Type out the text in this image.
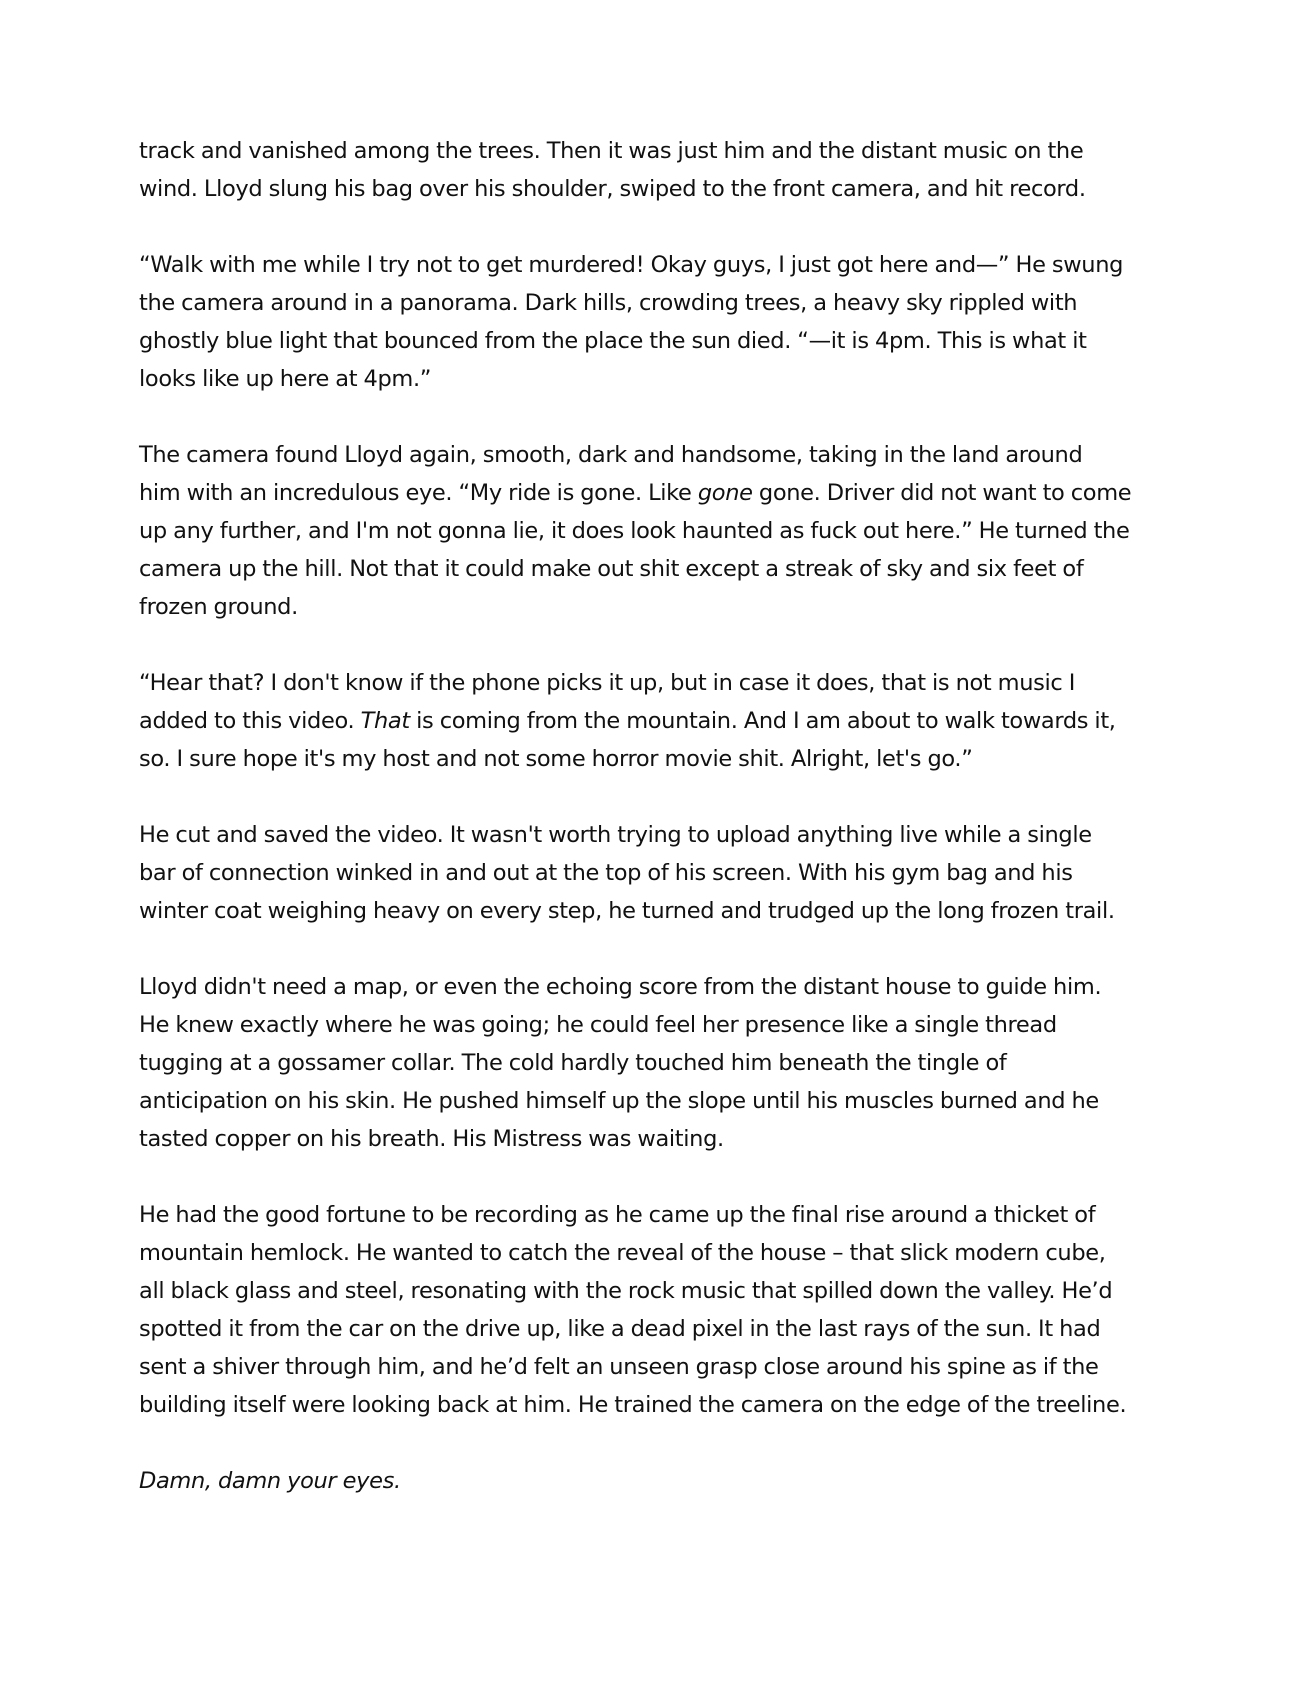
track and vanished among the trees. Then it was just him and the distant music on the
wind. Lloyd slung his bag over his shoulder, swiped to the front camera, and hit record.

“Walk with me while I try not to get murdered! Okay guys, I just got here and—” He swung
the camera around in a panorama. Dark hills, crowding trees, a heavy sky rippled with
ghostly blue light that bounced from the place the sun died. “—it is 4pm. This is what it
looks like up here at 4pm.”

The camera found Lloyd again, smooth, dark and handsome, taking in the land around
him with an incredulous eye. “My ride is gone. Like gone gone. Driver did not want to come
up any further, and I'm not gonna lie, it does look haunted as fuck out here.” He turned the
camera up the hill. Not that it could make out shit except a streak of sky and six feet of
frozen ground.

“Hear that? I don't know if the phone picks it up, but in case it does, that is not music I
added to this video. That is coming from the mountain. And I am about to walk towards it,
so. I sure hope it's my host and not some horror movie shit. Alright, let's go.”

He cut and saved the video. It wasn't worth trying to upload anything live while a single
bar of connection winked in and out at the top of his screen. With his gym bag and his
winter coat weighing heavy on every step, he turned and trudged up the long frozen trail.

Lloyd didn't need a map, or even the echoing score from the distant house to guide him.
He knew exactly where he was going; he could feel her presence like a single thread
tugging at a gossamer collar. The cold hardly touched him beneath the tingle of
anticipation on his skin. He pushed himself up the slope until his muscles burned and he
tasted copper on his breath. His Mistress was waiting.

He had the good fortune to be recording as he came up the final rise around a thicket of
mountain hemlock. He wanted to catch the reveal of the house – that slick modern cube,
all black glass and steel, resonating with the rock music that spilled down the valley. He’d
spotted it from the car on the drive up, like a dead pixel in the last rays of the sun. It had
sent a shiver through him, and he’d felt an unseen grasp close around his spine as if the
building itself were looking back at him. He trained the camera on the edge of the treeline.

Damn, damn your eyes.
